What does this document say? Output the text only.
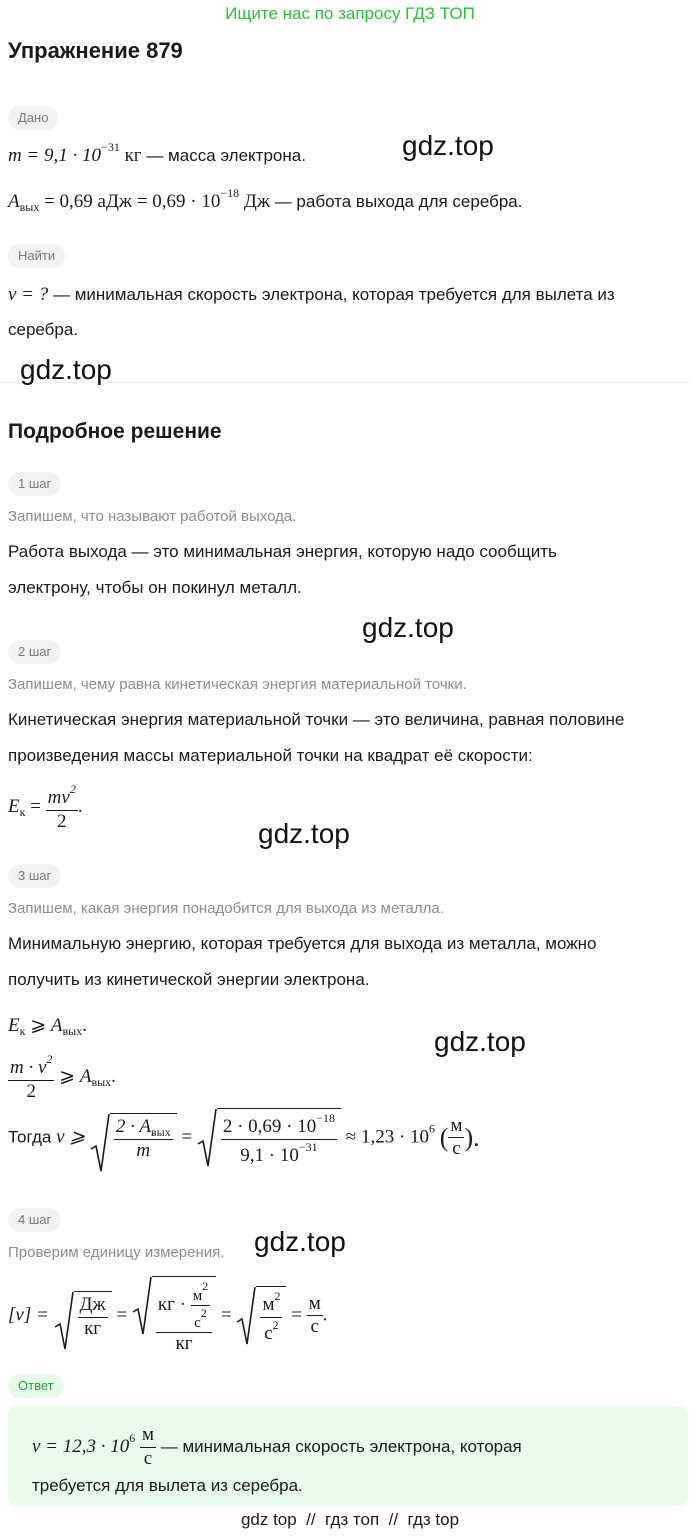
Ищите нас по запросу ГДЗ ТОП
Упражнение 879
Дано
$m = 9,1 \cdot 10^{-31}$ кг — масса электрона.
$A_{вых} = 0,69$ аДж = $0,69 \cdot 10^{-18}$ Дж — работа выхода для серебра.
Найти
v = ? — минимальная скорость электрона, которая требуется для вылета из
серебра.
Подробное решение
1 шаг
Запишем, что называют работой выхода.
Работа выхода — это минимальная энергия, которую надо сообщить
электрону, чтобы он покинул металл.
2 шаг
Запишем, чему равна кинетическая энергия материальной точки.
Кинетическая энергия материальной точки — это величина, равная половине
произведения массы материальной точки на квадрат её скорости:
$E_к = \frac{mv^2}{2}$ .
3 шаг
Запишем, какая энергия понадобится для выхода из металла.
Минимальную энергию, которая требуется для выхода из металла, можно
получить из кинетической энергии электрона.
$E_к$ ⩾ $A_{вых}$.
$\frac{m \cdot v^2}{2}$ ⩾ $A_{вых}$.
Тогда v ⩾ $\frac{2 \cdot A_{вых}}{m} = \frac{2 \cdot 0,69 \cdot 10^{-18}}{9,1 \cdot 10^{-31}} \approx 1,23 \cdot 10^6$ ( $\frac{м}{с}$ ).
4 шаг
Проверим единицу измерения.
$[v] = \frac{Дж}{кг} = \frac{кг \cdot \frac{м^2}{с^2}}{кг} = \frac{м^2}{с^2} = \frac{м}{с}$ .
Ответ
$v = 12,3 \cdot 10^6 \frac{м}{с}$ — минимальная скорость электрона, которая
требуется для вылета из серебра.
gdz.top
gdz.top
gdz.top
gdz.top
gdz.top
gdz.top
gdz top  //  гдз топ  //  гдз top
